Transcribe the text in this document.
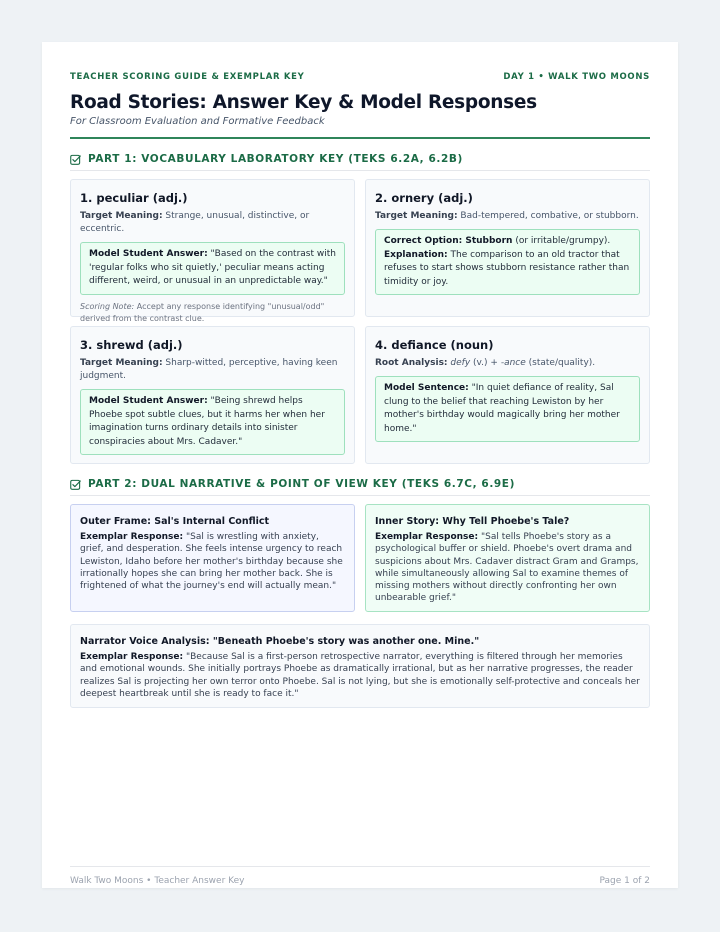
TEACHER SCORING GUIDE & EXEMPLAR KEY	DAY 1 • WALK TWO MOONS
Road Stories: Answer Key & Model Responses
For Classroom Evaluation and Formative Feedback
PART 1: VOCABULARY LABORATORY KEY (TEKS 6.2A, 6.2B)
1. peculiar (adj.)
Target Meaning: Strange, unusual, distinctive, or eccentric.
Model Student Answer: "Based on the contrast with 'regular folks who sit quietly,' peculiar means acting different, weird, or unusual in an unpredictable way."
Scoring Note: Accept any response identifying "unusual/odd" derived from the contrast clue.
2. ornery (adj.)
Target Meaning: Bad-tempered, combative, or stubborn.
Correct Option: Stubborn (or irritable/grumpy).
Explanation: The comparison to an old tractor that refuses to start shows stubborn resistance rather than timidity or joy.
3. shrewd (adj.)
Target Meaning: Sharp-witted, perceptive, having keen judgment.
Model Student Answer: "Being shrewd helps Phoebe spot subtle clues, but it harms her when her imagination turns ordinary details into sinister conspiracies about Mrs. Cadaver."
4. defiance (noun)
Root Analysis: defy (v.) + -ance (state/quality).
Model Sentence: "In quiet defiance of reality, Sal clung to the belief that reaching Lewiston by her mother's birthday would magically bring her mother home."
PART 2: DUAL NARRATIVE & POINT OF VIEW KEY (TEKS 6.7C, 6.9E)
Outer Frame: Sal's Internal Conflict

Exemplar Response: "Sal is wrestling with anxiety, grief, and desperation. She feels intense urgency to reach Lewiston, Idaho before her mother's birthday because she irrationally hopes she can bring her mother back. She is frightened of what the journey's end will actually mean."

Inner Story: Why Tell Phoebe's Tale?

Exemplar Response: "Sal tells Phoebe's story as a psychological buffer or shield. Phoebe's overt drama and suspicions about Mrs. Cadaver distract Gram and Gramps, while simultaneously allowing Sal to examine themes of missing mothers without directly confronting her own unbearable grief."

Narrator Voice Analysis: "Beneath Phoebe's story was another one. Mine."

Exemplar Response: "Because Sal is a first-person retrospective narrator, everything is filtered through her memories and emotional wounds. She initially portrays Phoebe as dramatically irrational, but as her narrative progresses, the reader realizes Sal is projecting her own terror onto Phoebe. Sal is not lying, but she is emotionally self-protective and conceals her deepest heartbreak until she is ready to face it."

Walk Two Moons • Teacher Answer Key	Page 1 of 2
